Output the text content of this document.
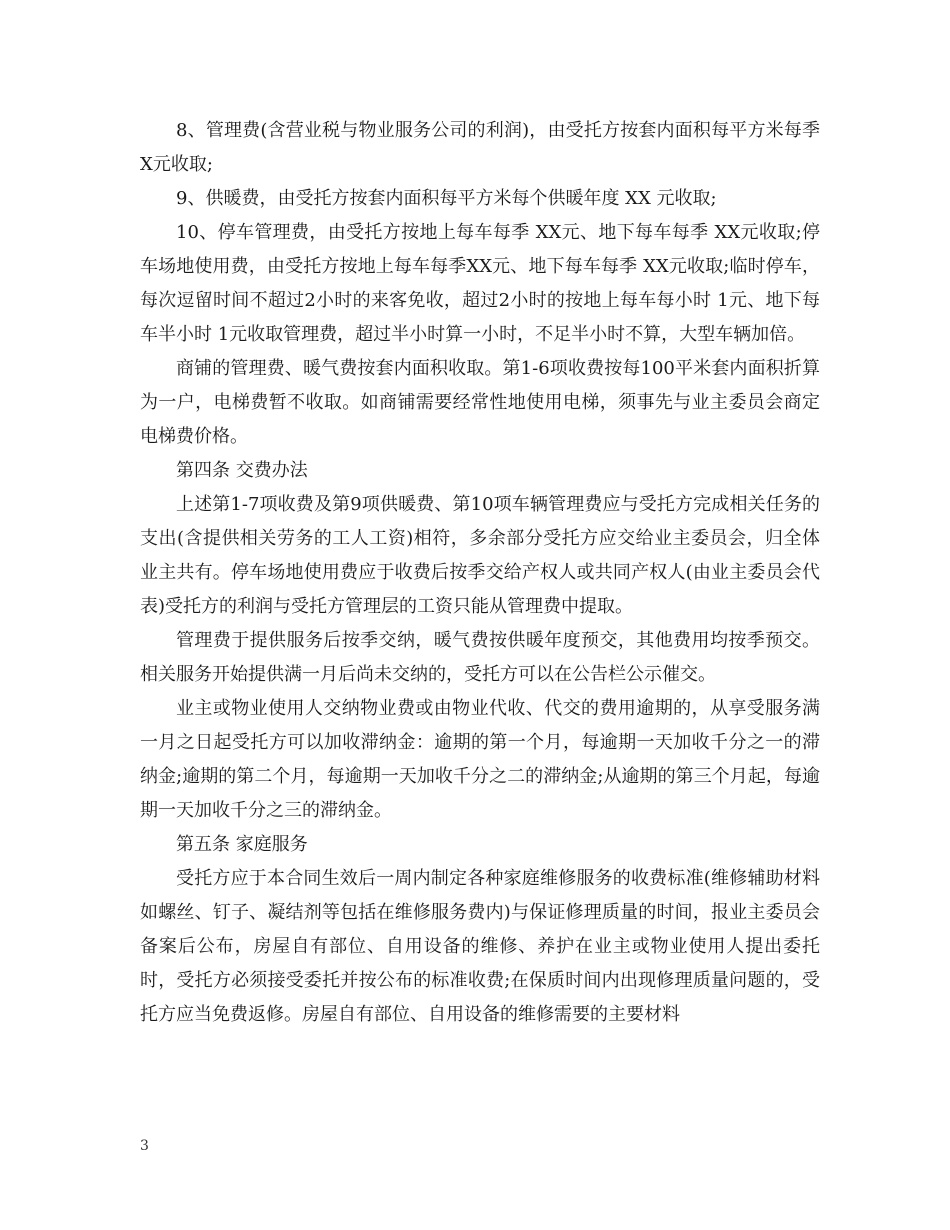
8、管理费(含营业税与物业服务公司的利润)，由受托方按套内面积每平方米每季 X元收取;

9、供暖费，由受托方按套内面积每平方米每个供暖年度 XX 元收取;

10、停车管理费，由受托方按地上每车每季 XX元、地下每车每季 XX元收取;停车场地使用费，由受托方按地上每车每季XX元、地下每车每季 XX元收取;临时停车，每次逗留时间不超过2小时的来客免收，超过2小时的按地上每车每小时 1元、地下每车半小时 1元收取管理费，超过半小时算一小时，不足半小时不算，大型车辆加倍。

商铺的管理费、暖气费按套内面积收取。第1-6项收费按每100平米套内面积折算为一户，电梯费暂不收取。如商铺需要经常性地使用电梯，须事先与业主委员会商定电梯费价格。

第四条 交费办法

上述第1-7项收费及第9项供暖费、第10项车辆管理费应与受托方完成相关任务的支出(含提供相关劳务的工人工资)相符，多余部分受托方应交给业主委员会，归全体业主共有。停车场地使用费应于收费后按季交给产权人或共同产权人(由业主委员会代表)受托方的利润与受托方管理层的工资只能从管理费中提取。

管理费于提供服务后按季交纳，暖气费按供暖年度预交，其他费用均按季预交。相关服务开始提供满一月后尚未交纳的，受托方可以在公告栏公示催交。

业主或物业使用人交纳物业费或由物业代收、代交的费用逾期的，从享受服务满一月之日起受托方可以加收滞纳金：逾期的第一个月，每逾期一天加收千分之一的滞纳金;逾期的第二个月，每逾期一天加收千分之二的滞纳金;从逾期的第三个月起，每逾期一天加收千分之三的滞纳金。

第五条 家庭服务

受托方应于本合同生效后一周内制定各种家庭维修服务的收费标准(维修辅助材料如螺丝、钉子、凝结剂等包括在维修服务费内)与保证修理质量的时间，报业主委员会备案后公布，房屋自有部位、自用设备的维修、养护在业主或物业使用人提出委托时，受托方必须接受委托并按公布的标准收费;在保质时间内出现修理质量问题的，受托方应当免费返修。房屋自有部位、自用设备的维修需要的主要材料

3
